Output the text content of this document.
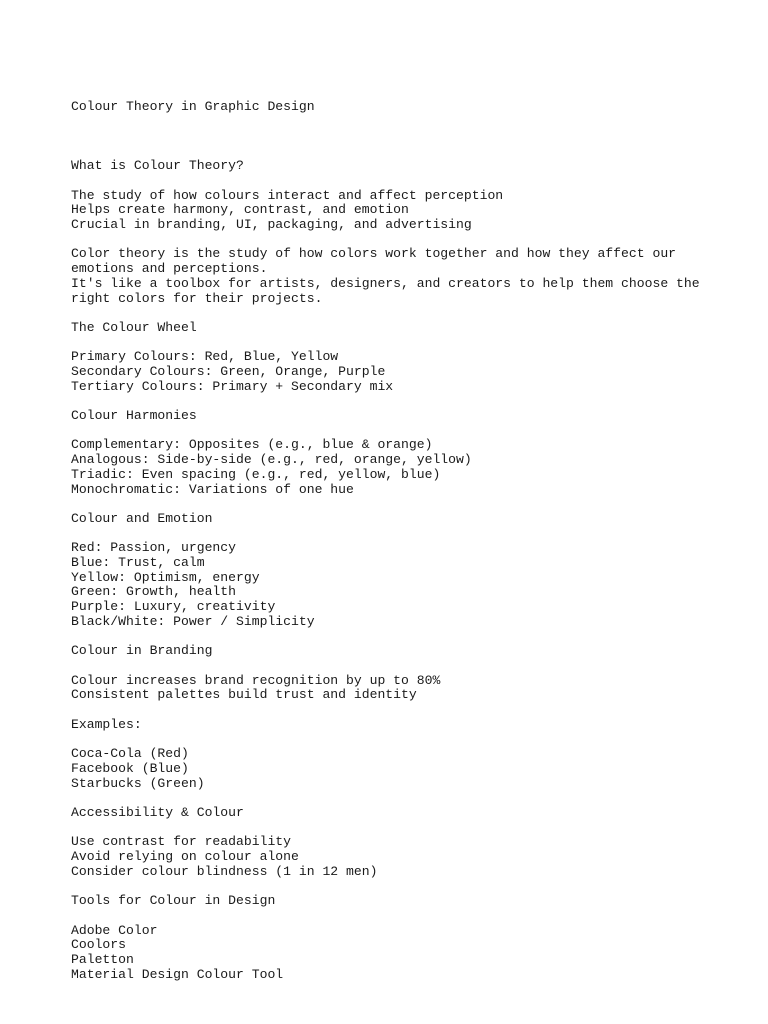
Colour Theory in Graphic Design

What is Colour Theory?
The study of how colours interact and affect perception
Helps create harmony, contrast, and emotion
Crucial in branding, UI, packaging, and advertising
Color theory is the study of how colors work together and how they affect our
emotions and perceptions.
It's like a toolbox for artists, designers, and creators to help them choose the
right colors for their projects.
The Colour Wheel
Primary Colours: Red, Blue, Yellow
Secondary Colours: Green, Orange, Purple
Tertiary Colours: Primary + Secondary mix
Colour Harmonies
Complementary: Opposites (e.g., blue & orange)
Analogous: Side-by-side (e.g., red, orange, yellow)
Triadic: Even spacing (e.g., red, yellow, blue)
Monochromatic: Variations of one hue
Colour and Emotion
Red: Passion, urgency
Blue: Trust, calm
Yellow: Optimism, energy
Green: Growth, health
Purple: Luxury, creativity
Black/White: Power / Simplicity
Colour in Branding
Colour increases brand recognition by up to 80%
Consistent palettes build trust and identity
Examples:
Coca-Cola (Red)
Facebook (Blue)
Starbucks (Green)
Accessibility & Colour
Use contrast for readability
Avoid relying on colour alone
Consider colour blindness (1 in 12 men)
Tools for Colour in Design
Adobe Color
Coolors
Paletton
Material Design Colour Tool
